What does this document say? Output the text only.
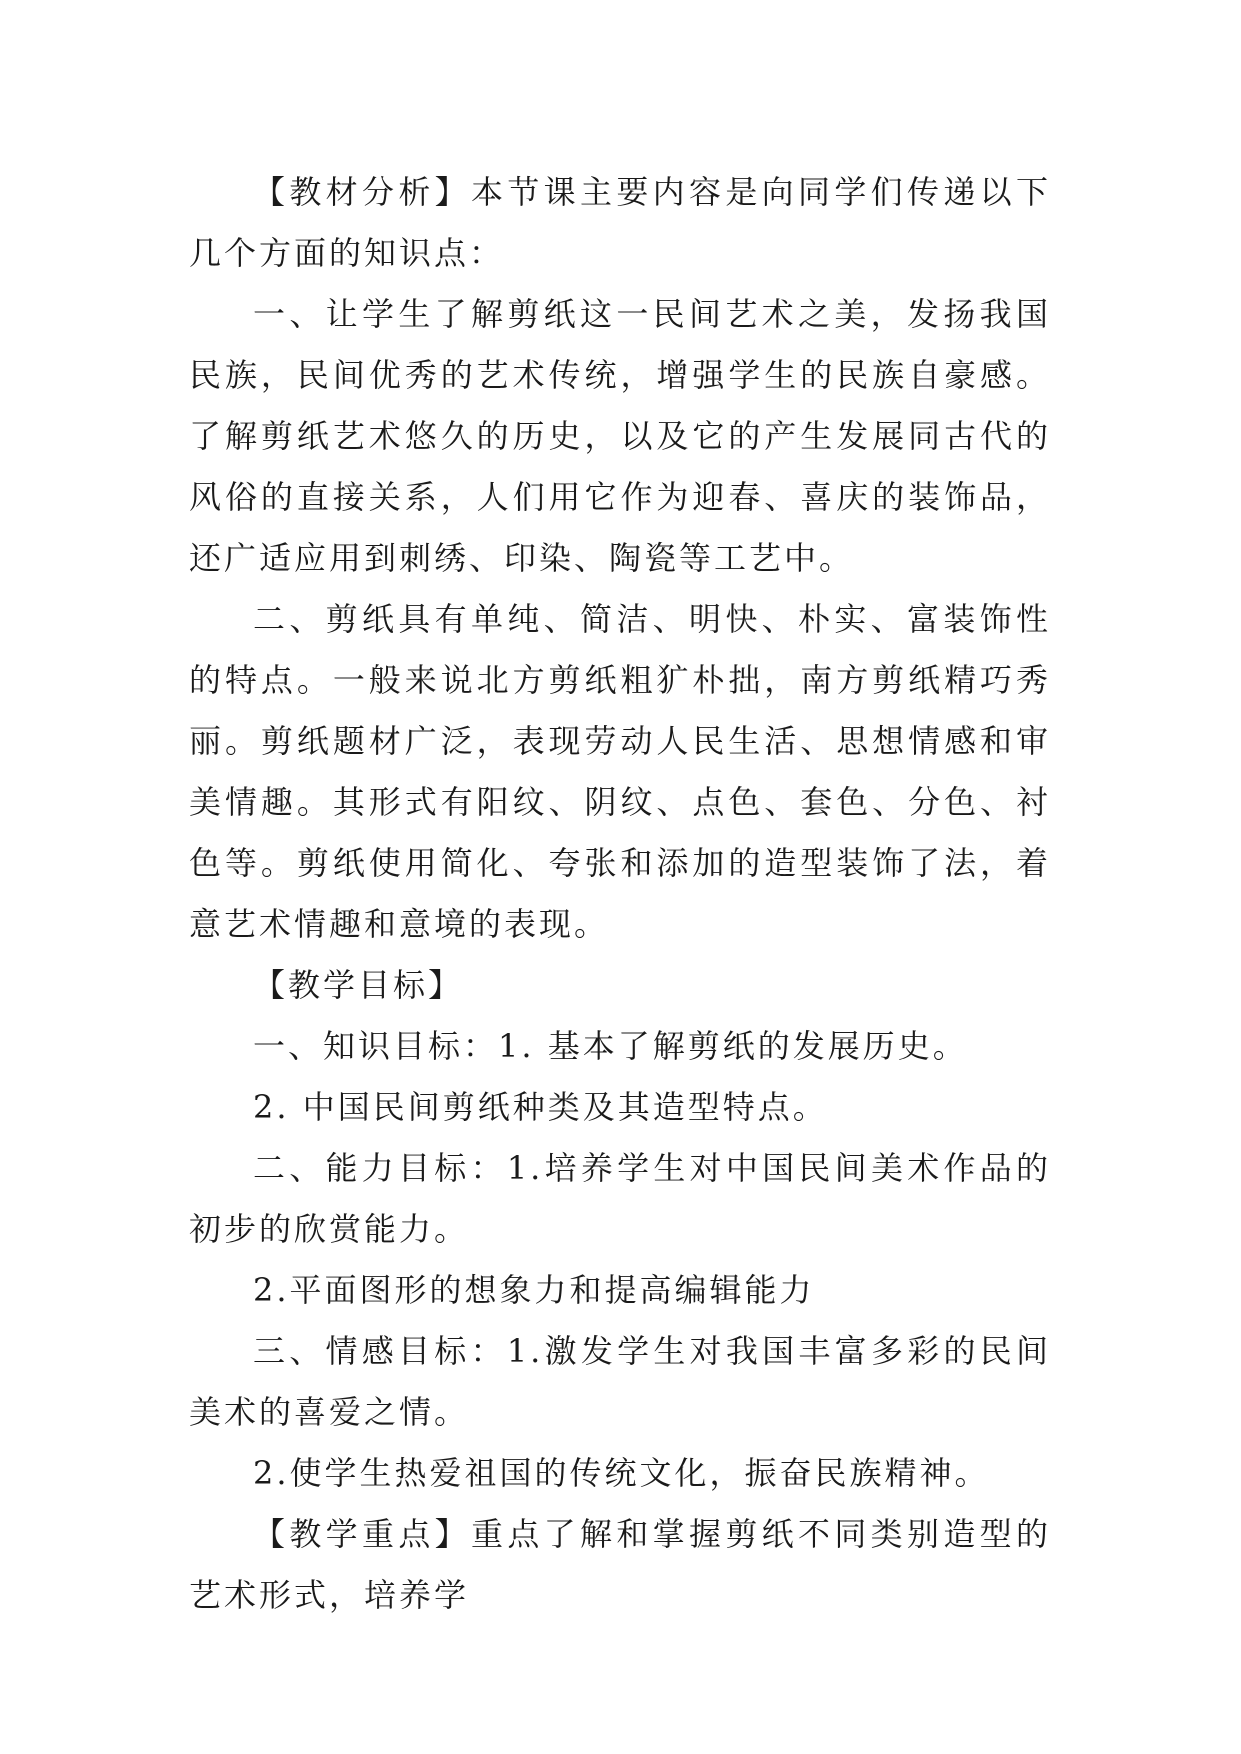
【教材分析】本节课主要内容是向同学们传递以下几个方面的知识点：

一、让学生了解剪纸这一民间艺术之美，发扬我国民族，民间优秀的艺术传统，增强学生的民族自豪感。了解剪纸艺术悠久的历史，以及它的产生发展同古代的风俗的直接关系，人们用它作为迎春、喜庆的装饰品，还广适应用到刺绣、印染、陶瓷等工艺中。

二、剪纸具有单纯、简洁、明快、朴实、富装饰性的特点。一般来说北方剪纸粗犷朴拙，南方剪纸精巧秀丽。剪纸题材广泛，表现劳动人民生活、思想情感和审美情趣。其形式有阳纹、阴纹、点色、套色、分色、衬色等。剪纸使用简化、夸张和添加的造型装饰了法，着意艺术情趣和意境的表现。

【教学目标】

一、知识目标：1. 基本了解剪纸的发展历史。

2. 中国民间剪纸种类及其造型特点。

二、能力目标：1.培养学生对中国民间美术作品的初步的欣赏能力。

2.平面图形的想象力和提高编辑能力

三、情感目标：1.激发学生对我国丰富多彩的民间美术的喜爱之情。

2.使学生热爱祖国的传统文化，振奋民族精神。

【教学重点】重点了解和掌握剪纸不同类别造型的艺术形式，培养学
